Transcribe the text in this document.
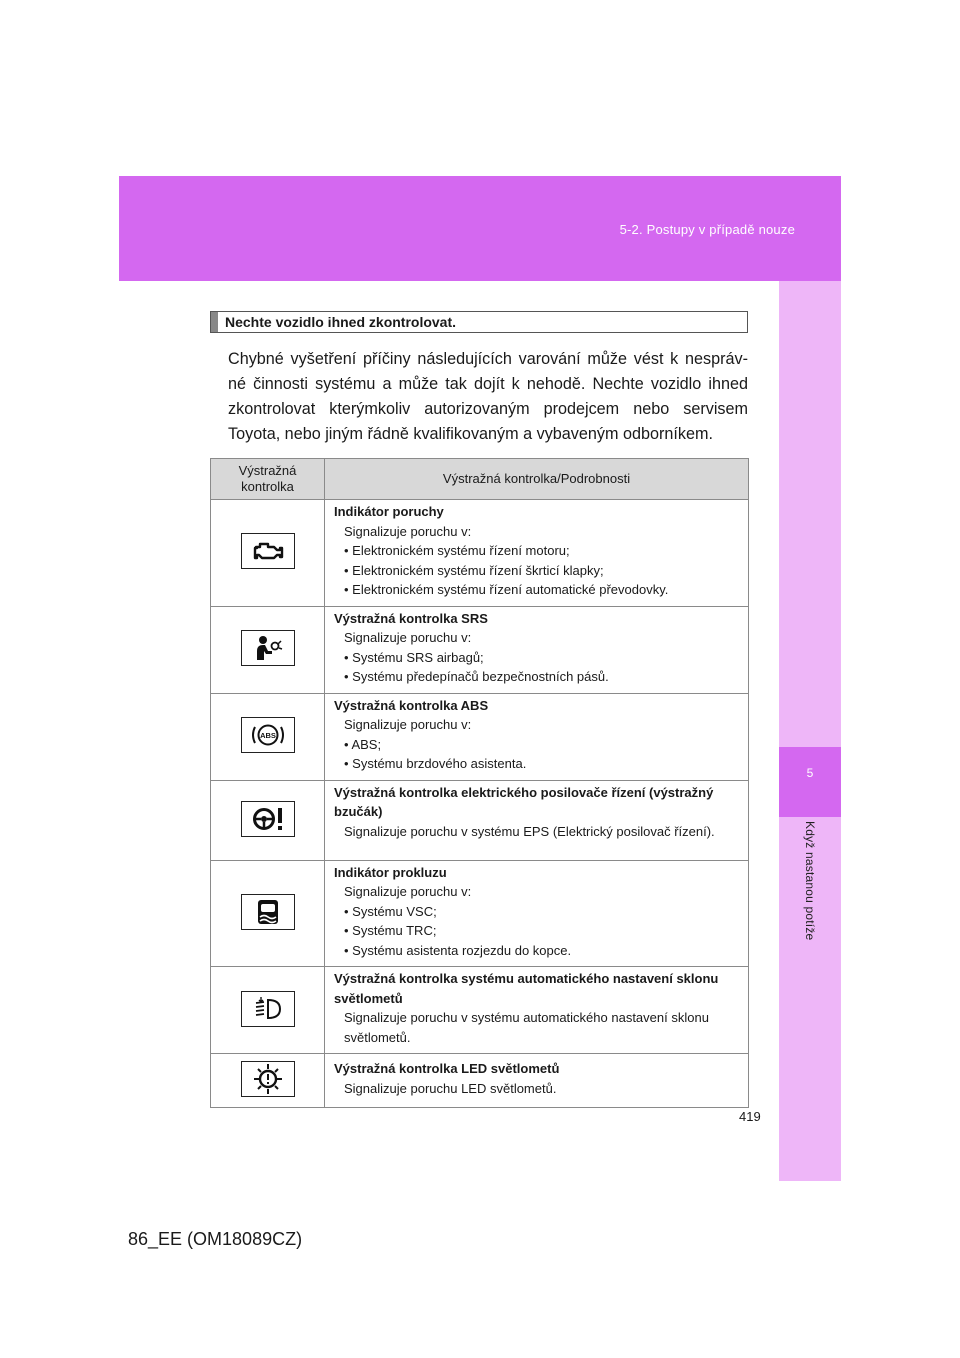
5-2. Postupy v případě nouze
5
Když nastanou potíže
Nechte vozidlo ihned zkontrolovat.
Chybné vyšetření příčiny následujících varování může vést k nespráv-né činnosti systému a může tak dojít k nehodě. Nechte vozidlo ihned zkontrolovat kterýmkoliv autorizovaným prodejcem nebo servisem Toyota, nebo jiným řádně kvalifikovaným a vybaveným odborníkem.
Výstražná kontrolka	Výstražná kontrolka/Podrobnosti

Indikátor poruchy
Signalizuje poruchu v:
• Elektronickém systému řízení motoru;
• Elektronickém systému řízení škrticí klapky;
• Elektronickém systému řízení automatické převodovky.

Výstražná kontrolka SRS
Signalizuje poruchu v:
• Systému SRS airbagů;
• Systému předepínačů bezpečnostních pásů.

ABS	Výstražná kontrolka ABS
Signalizuje poruchu v:
• ABS;
• Systému brzdového asistenta.

Výstražná kontrolka elektrického posilovače řízení (výstražný bzučák)
Signalizuje poruchu v systému EPS (Elektrický posilovač řízení).

Indikátor prokluzu
Signalizuje poruchu v:
• Systému VSC;
• Systému TRC;
• Systému asistenta rozjezdu do kopce.

Výstražná kontrolka systému automatického nastavení sklonu světlometů
Signalizuje poruchu v systému automatického nastavení sklonu světlometů.

Výstražná kontrolka LED světlometů
Signalizuje poruchu LED světlometů.
419
86_EE (OM18089CZ)
